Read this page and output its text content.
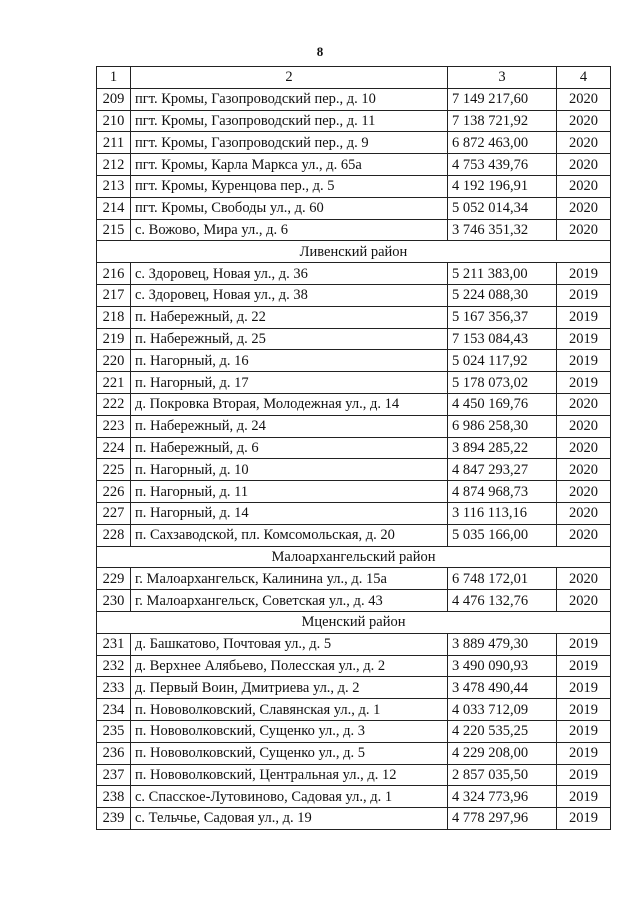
8
1	2	3	4
209	пгт. Кромы, Газопроводский пер., д. 10	7 149 217,60	2020
210	пгт. Кромы, Газопроводский пер., д. 11	7 138 721,92	2020
211	пгт. Кромы, Газопроводский пер., д. 9	6 872 463,00	2020
212	пгт. Кромы, Карла Маркса ул., д. 65а	4 753 439,76	2020
213	пгт. Кромы, Куренцова пер., д. 5	4 192 196,91	2020
214	пгт. Кромы, Свободы ул., д. 60	5 052 014,34	2020
215	с. Вожово, Мира ул., д. 6	3 746 351,32	2020
Ливенский район			
216	с. Здоровец, Новая ул., д. 36	5 211 383,00	2019
217	с. Здоровец, Новая ул., д. 38	5 224 088,30	2019
218	п. Набережный, д. 22	5 167 356,37	2019
219	п. Набережный, д. 25	7 153 084,43	2019
220	п. Нагорный, д. 16	5 024 117,92	2019
221	п. Нагорный, д. 17	5 178 073,02	2019
222	д. Покровка Вторая, Молодежная ул., д. 14	4 450 169,76	2020
223	п. Набережный, д. 24	6 986 258,30	2020
224	п. Набережный, д. 6	3 894 285,22	2020
225	п. Нагорный, д. 10	4 847 293,27	2020
226	п. Нагорный, д. 11	4 874 968,73	2020
227	п. Нагорный, д. 14	3 116 113,16	2020
228	п. Сахзаводской, пл. Комсомольская, д. 20	5 035 166,00	2020
Малоархангельский район			
229	г. Малоархангельск, Калинина ул., д. 15а	6 748 172,01	2020
230	г. Малоархангельск, Советская ул., д. 43	4 476 132,76	2020
Мценский район			
231	д. Башкатово, Почтовая ул., д. 5	3 889 479,30	2019
232	д. Верхнее Алябьево, Полесская ул., д. 2	3 490 090,93	2019
233	д. Первый Воин, Дмитриева ул., д. 2	3 478 490,44	2019
234	п. Нововолковский, Славянская ул., д. 1	4 033 712,09	2019
235	п. Нововолковский, Сущенко ул., д. 3	4 220 535,25	2019
236	п. Нововолковский, Сущенко ул., д. 5	4 229 208,00	2019
237	п. Нововолковский, Центральная ул., д. 12	2 857 035,50	2019
238	с. Спасское-Лутовиново, Садовая ул., д. 1	4 324 773,96	2019
239	с. Тельчье, Садовая ул., д. 19	4 778 297,96	2019
